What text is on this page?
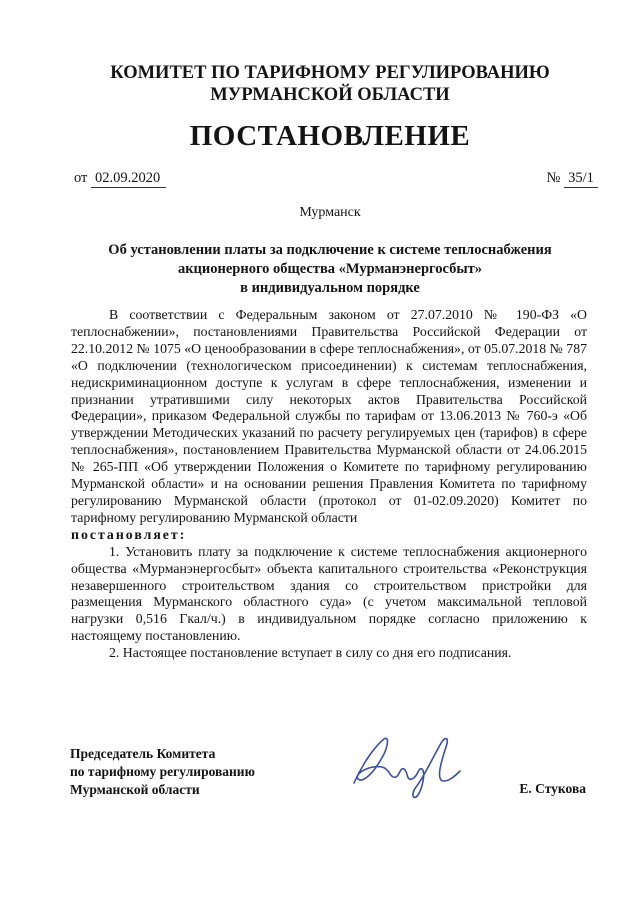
КОМИТЕТ ПО ТАРИФНОМУ РЕГУЛИРОВАНИЮ
МУРМАНСКОЙ ОБЛАСТИ
ПОСТАНОВЛЕНИЕ
от 02.09.2020	№ 35/1
Мурманск
Об установлении платы за подключение к системе теплоснабжения
акционерного общества «Мурманэнергосбыт»
в индивидуальном порядке

В соответствии с Федеральным законом от 27.07.2010 № 190-ФЗ «О теплоснабжении», постановлениями Правительства Российской Федерации от 22.10.2012 № 1075 «О ценообразовании в сфере теплоснабжения», от 05.07.2018 № 787 «О подключении (технологическом присоединении) к системам теплоснабжения, недискриминационном доступе к услугам в сфере теплоснабжения, изменении и признании утратившими силу некоторых актов Правительства Российской Федерации», приказом Федеральной службы по тарифам от 13.06.2013 № 760-э «Об утверждении Методических указаний по расчету регулируемых цен (тарифов) в сфере теплоснабжения», постановлением Правительства Мурманской области от 24.06.2015 № 265-ПП «Об утверждении Положения о Комитете по тарифному регулированию Мурманской области» и на основании решения Правления Комитета по тарифному регулированию Мурманской области (протокол от 01-02.09.2020) Комитет по тарифному регулированию Мурманской области

постановляет:

1. Установить плату за подключение к системе теплоснабжения акционерного общества «Мурманэнергосбыт» объекта капитального строительства «Реконструкция незавершенного строительством здания со строительством пристройки для размещения Мурманского областного суда» (с учетом максимальной тепловой нагрузки 0,516 Гкал/ч.) в индивидуальном порядке согласно приложению к настоящему постановлению.

2. Настоящее постановление вступает в силу со дня его подписания.

Председатель Комитета
по тарифному регулированию
Мурманской области	Е. Стукова
